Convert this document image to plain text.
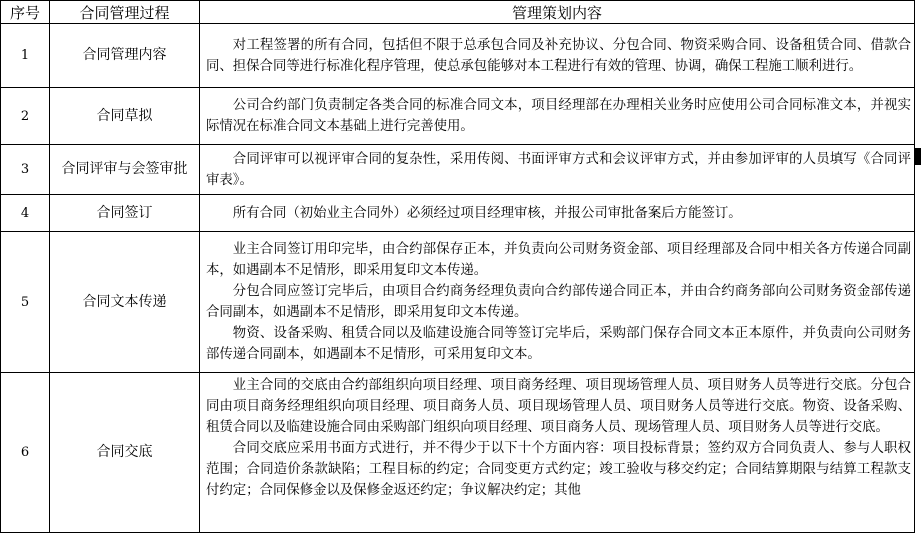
序号	合同管理过程	管理策划内容
1	合同管理内容	对工程签署的所有合同，包括但不限于总承包合同及补充协议、分包合同、物资采购合同、设备租赁合同、借款合同、担保合同等进行标准化程序管理，使总承包能够对本工程进行有效的管理、协调，确保工程施工顺利进行。

2	合同草拟	公司合约部门负责制定各类合同的标准合同文本，项目经理部在办理相关业务时应使用公司合同标准文本，并视实际情况在标准合同文本基础上进行完善使用。

3	合同评审与会签审批	合同评审可以视评审合同的复杂性，采用传阅、书面评审方式和会议评审方式，并由参加评审的人员填写《合同评审表》。

4	合同签订	所有合同（初始业主合同外）必须经过项目经理审核，并报公司审批备案后方能签订。

5	合同文本传递	业主合同签订用印完毕，由合约部保存正本，并负责向公司财务资金部、项目经理部及合同中相关各方传递合同副本，如遇副本不足情形，即采用复印文本传递。

分包合同应签订完毕后，由项目合约商务经理负责向合约部传递合同正本，并由合约商务部向公司财务资金部传递合同副本，如遇副本不足情形，即采用复印文本传递。

物资、设备采购、租赁合同以及临建设施合同等签订完毕后，采购部门保存合同文本正本原件，并负责向公司财务部传递合同副本，如遇副本不足情形，可采用复印文本。

6	合同交底	业主合同的交底由合约部组织向项目经理、项目商务经理、项目现场管理人员、项目财务人员等进行交底。分包合同由项目商务经理组织向项目经理、项目商务人员、项目现场管理人员、项目财务人员等进行交底。物资、设备采购、租赁合同以及临建设施合同由采购部门组织向项目经理、项目商务人员、现场管理人员、项目财务人员等进行交底。

合同交底应采用书面方式进行，并不得少于以下十个方面内容：项目投标背景；签约双方合同负责人、参与人职权范围；合同造价条款缺陷；工程目标的约定；合同变更方式约定；竣工验收与移交约定；合同结算期限与结算工程款支付约定；合同保修金以及保修金返还约定；争议解决约定；其他
